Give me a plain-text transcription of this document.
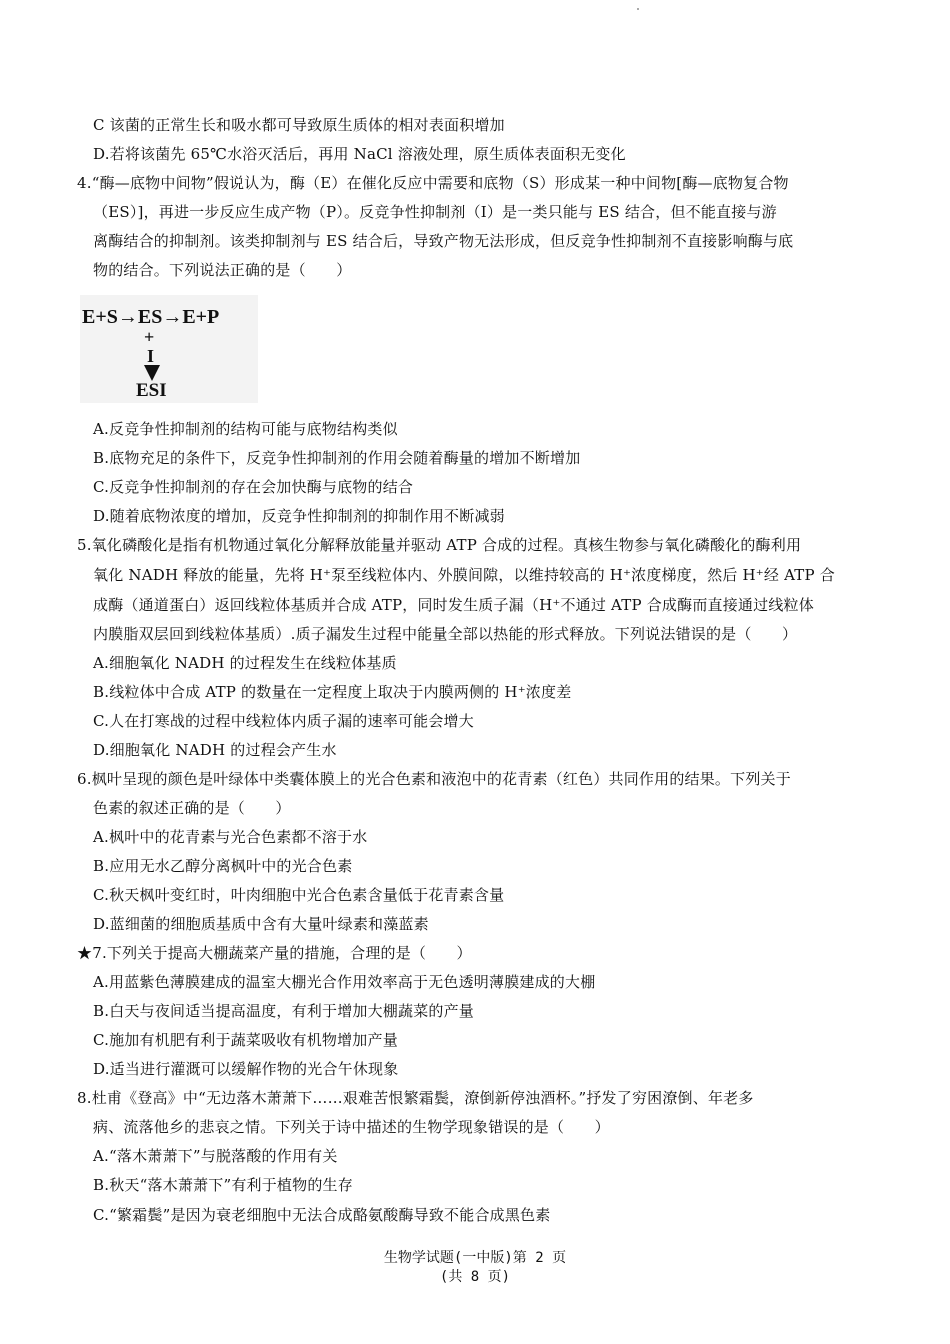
C 该菌的正常生长和吸水都可导致原生质体的相对表面积增加
D.若将该菌先 65℃水浴灭活后，再用 NaCl 溶液处理，原生质体表面积无变化
4.“酶—底物中间物”假说认为，酶（E）在催化反应中需要和底物（S）形成某一种中间物[酶—底物复合物
（ES）]，再进一步反应生成产物（P）。反竞争性抑制剂（Ⅰ）是一类只能与 ES 结合，但不能直接与游
离酶结合的抑制剂。该类抑制剂与 ES 结合后，导致产物无法形成，但反竞争性抑制剂不直接影响酶与底
物的结合。下列说法正确的是（　　）
E+S→ES→E+P
+
I
ESI
A.反竞争性抑制剂的结构可能与底物结构类似
B.底物充足的条件下，反竞争性抑制剂的作用会随着酶量的增加不断增加
C.反竞争性抑制剂的存在会加快酶与底物的结合
D.随着底物浓度的增加，反竞争性抑制剂的抑制作用不断减弱
5.氧化磷酸化是指有机物通过氧化分解释放能量并驱动 ATP 合成的过程。真核生物参与氧化磷酸化的酶利用
氧化 NADH 释放的能量，先将 H⁺泵至线粒体内、外膜间隙，以维持较高的 H⁺浓度梯度，然后 H⁺经 ATP 合
成酶（通道蛋白）返回线粒体基质并合成 ATP，同时发生质子漏（H⁺不通过 ATP 合成酶而直接通过线粒体
内膜脂双层回到线粒体基质）.质子漏发生过程中能量全部以热能的形式释放。下列说法错误的是（　　）
A.细胞氧化 NADH 的过程发生在线粒体基质
B.线粒体中合成 ATP 的数量在一定程度上取决于内膜两侧的 H⁺浓度差
C.人在打寒战的过程中线粒体内质子漏的速率可能会增大
D.细胞氧化 NADH 的过程会产生水
6.枫叶呈现的颜色是叶绿体中类囊体膜上的光合色素和液泡中的花青素（红色）共同作用的结果。下列关于
色素的叙述正确的是（　　）
A.枫叶中的花青素与光合色素都不溶于水
B.应用无水乙醇分离枫叶中的光合色素
C.秋天枫叶变红时，叶肉细胞中光合色素含量低于花青素含量
D.蓝细菌的细胞质基质中含有大量叶绿素和藻蓝素
★7.下列关于提高大棚蔬菜产量的措施，合理的是（　　）
A.用蓝紫色薄膜建成的温室大棚光合作用效率高于无色透明薄膜建成的大棚
B.白天与夜间适当提高温度，有利于增加大棚蔬菜的产量
C.施加有机肥有利于蔬菜吸收有机物增加产量
D.适当进行灌溉可以缓解作物的光合午休现象
8.杜甫《登高》中“无边落木萧萧下……艰难苦恨繁霜鬓，潦倒新停浊酒杯。”抒发了穷困潦倒、年老多
病、流落他乡的悲哀之情。下列关于诗中描述的生物学现象错误的是（　　）
A.“落木萧萧下”与脱落酸的作用有关
B.秋天“落木萧萧下”有利于植物的生存
C.“繁霜鬓”是因为衰老细胞中无法合成酪氨酸酶导致不能合成黑色素
生物学试题(一中版)第 2 页
(共 8 页)
